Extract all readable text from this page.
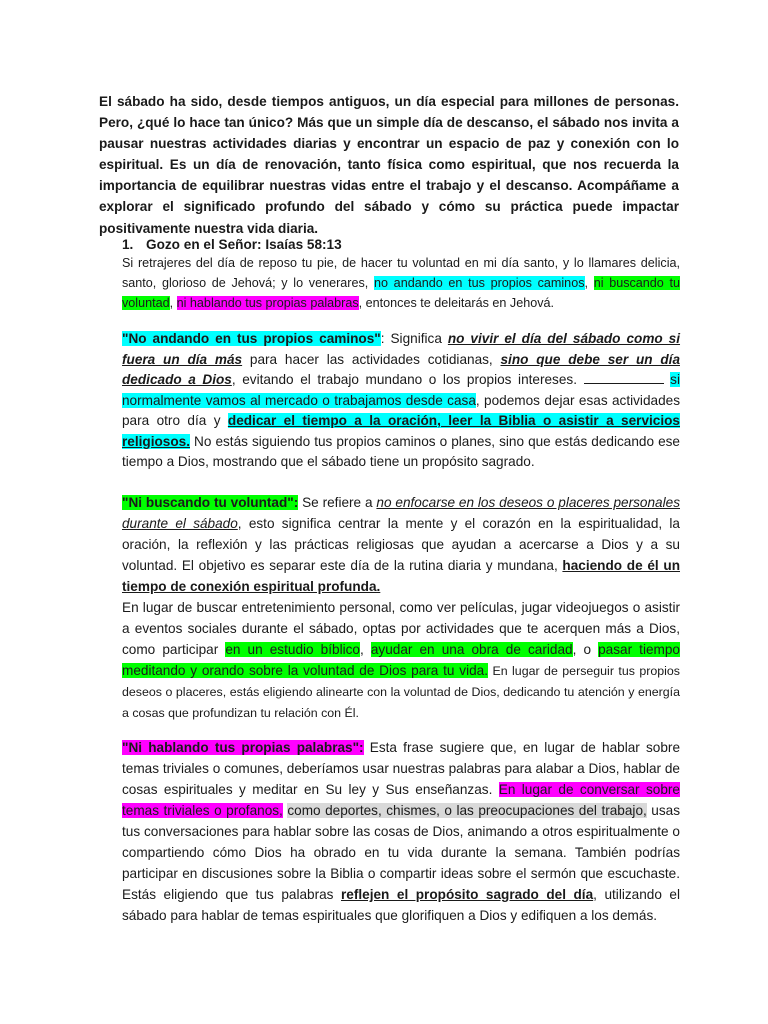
El sábado ha sido, desde tiempos antiguos, un día especial para millones de personas. Pero, ¿qué lo hace tan único? Más que un simple día de descanso, el sábado nos invita a pausar nuestras actividades diarias y encontrar un espacio de paz y conexión con lo espiritual. Es un día de renovación, tanto física como espiritual, que nos recuerda la importancia de equilibrar nuestras vidas entre el trabajo y el descanso. Acompáñame a explorar el significado profundo del sábado y cómo su práctica puede impactar positivamente nuestra vida diaria.

1. Gozo en el Señor: Isaías 58:13

Si retrajeres del día de reposo tu pie, de hacer tu voluntad en mi día santo, y lo llamares delicia, santo, glorioso de Jehová; y lo venerares, no andando en tus propios caminos, ni buscando tu voluntad, ni hablando tus propias palabras, entonces te deleitarás en Jehová.

"No andando en tus propios caminos": Significa no vivir el día del sábado como si fuera un día más para hacer las actividades cotidianas, sino que debe ser un día dedicado a Dios, evitando el trabajo mundano o los propios intereses.	si normalmente vamos al mercado o trabajamos desde casa, podemos dejar esas actividades para otro día y dedicar el tiempo a la oración, leer la Biblia o asistir a servicios religiosos. No estás siguiendo tus propios caminos o planes, sino que estás dedicando ese tiempo a Dios, mostrando que el sábado tiene un propósito sagrado.

"Ni buscando tu voluntad": Se refiere a no enfocarse en los deseos o placeres personales durante el sábado, esto significa centrar la mente y el corazón en la espiritualidad, la oración, la reflexión y las prácticas religiosas que ayudan a acercarse a Dios y a su voluntad. El objetivo es separar este día de la rutina diaria y mundana, haciendo de él un tiempo de conexión espiritual profunda.
En lugar de buscar entretenimiento personal, como ver películas, jugar videojuegos o asistir a eventos sociales durante el sábado, optas por actividades que te acerquen más a Dios, como participar en un estudio bíblico, ayudar en una obra de caridad, o pasar tiempo meditando y orando sobre la voluntad de Dios para tu vida. En lugar de perseguir tus propios deseos o placeres, estás eligiendo alinearte con la voluntad de Dios, dedicando tu atención y energía a cosas que profundizan tu relación con Él.

"Ni hablando tus propias palabras": Esta frase sugiere que, en lugar de hablar sobre temas triviales o comunes, deberíamos usar nuestras palabras para alabar a Dios, hablar de cosas espirituales y meditar en Su ley y Sus enseñanzas. En lugar de conversar sobre temas triviales o profanos, como deportes, chismes, o las preocupaciones del trabajo, usas tus conversaciones para hablar sobre las cosas de Dios, animando a otros espiritualmente o compartiendo cómo Dios ha obrado en tu vida durante la semana. También podrías participar en discusiones sobre la Biblia o compartir ideas sobre el sermón que escuchaste. Estás eligiendo que tus palabras reflejen el propósito sagrado del día, utilizando el sábado para hablar de temas espirituales que glorifiquen a Dios y edifiquen a los demás.
